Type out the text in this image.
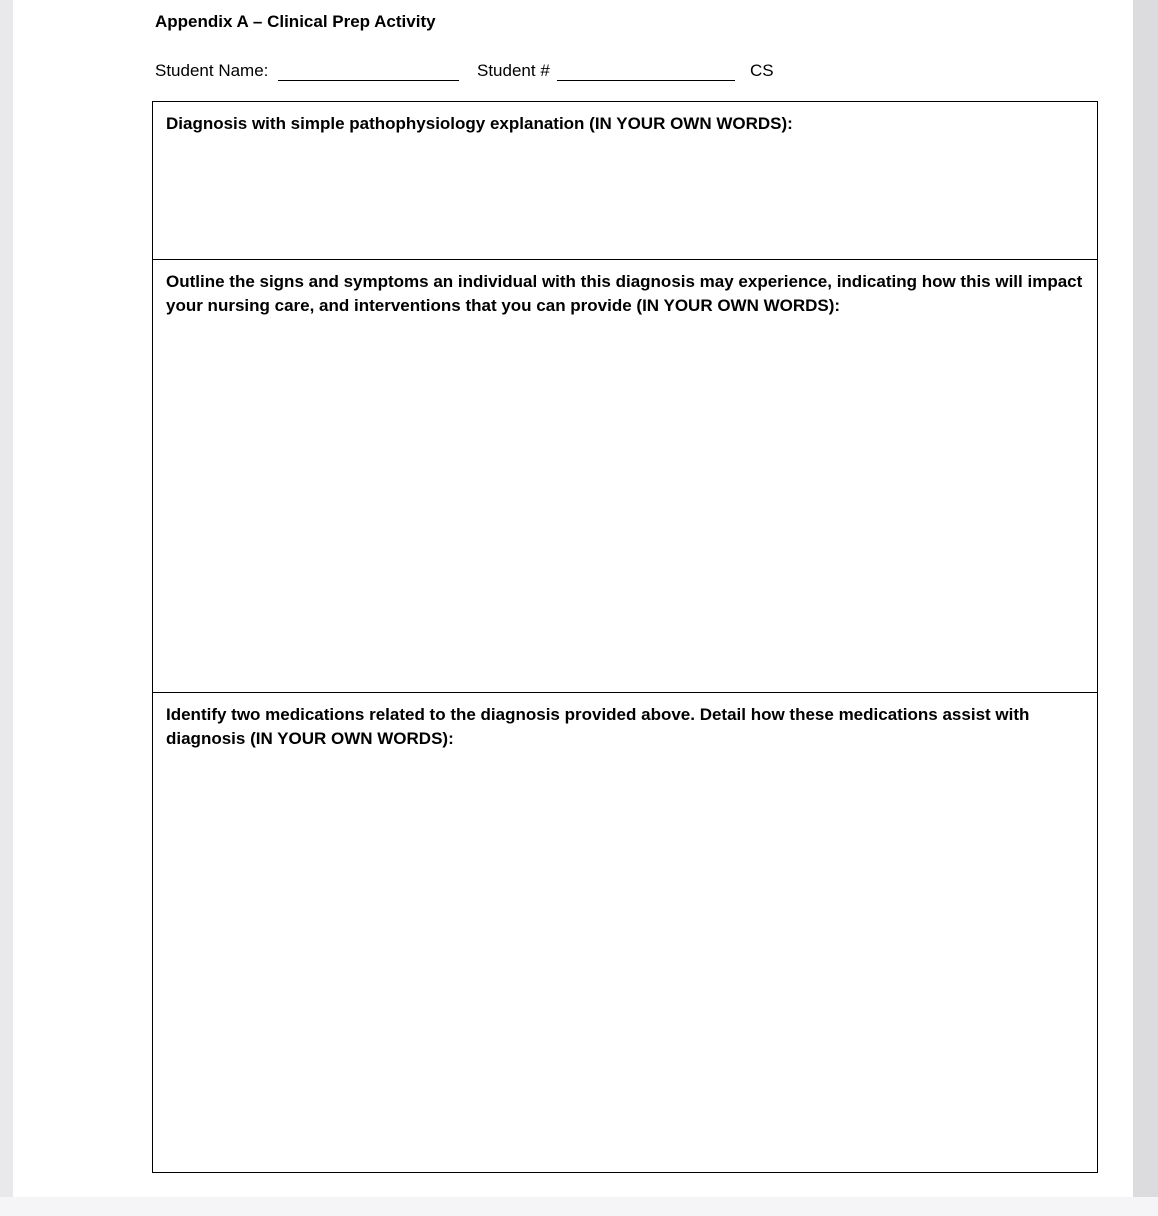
Appendix A – Clinical Prep Activity
Student Name:	Student #	CS

Diagnosis with simple pathophysiology explanation (IN YOUR OWN WORDS):

Outline the signs and symptoms an individual with this diagnosis may experience, indicating how this will impact your nursing care, and interventions that you can provide (IN YOUR OWN WORDS):

Identify two medications related to the diagnosis provided above. Detail how these medications assist with diagnosis (IN YOUR OWN WORDS):
